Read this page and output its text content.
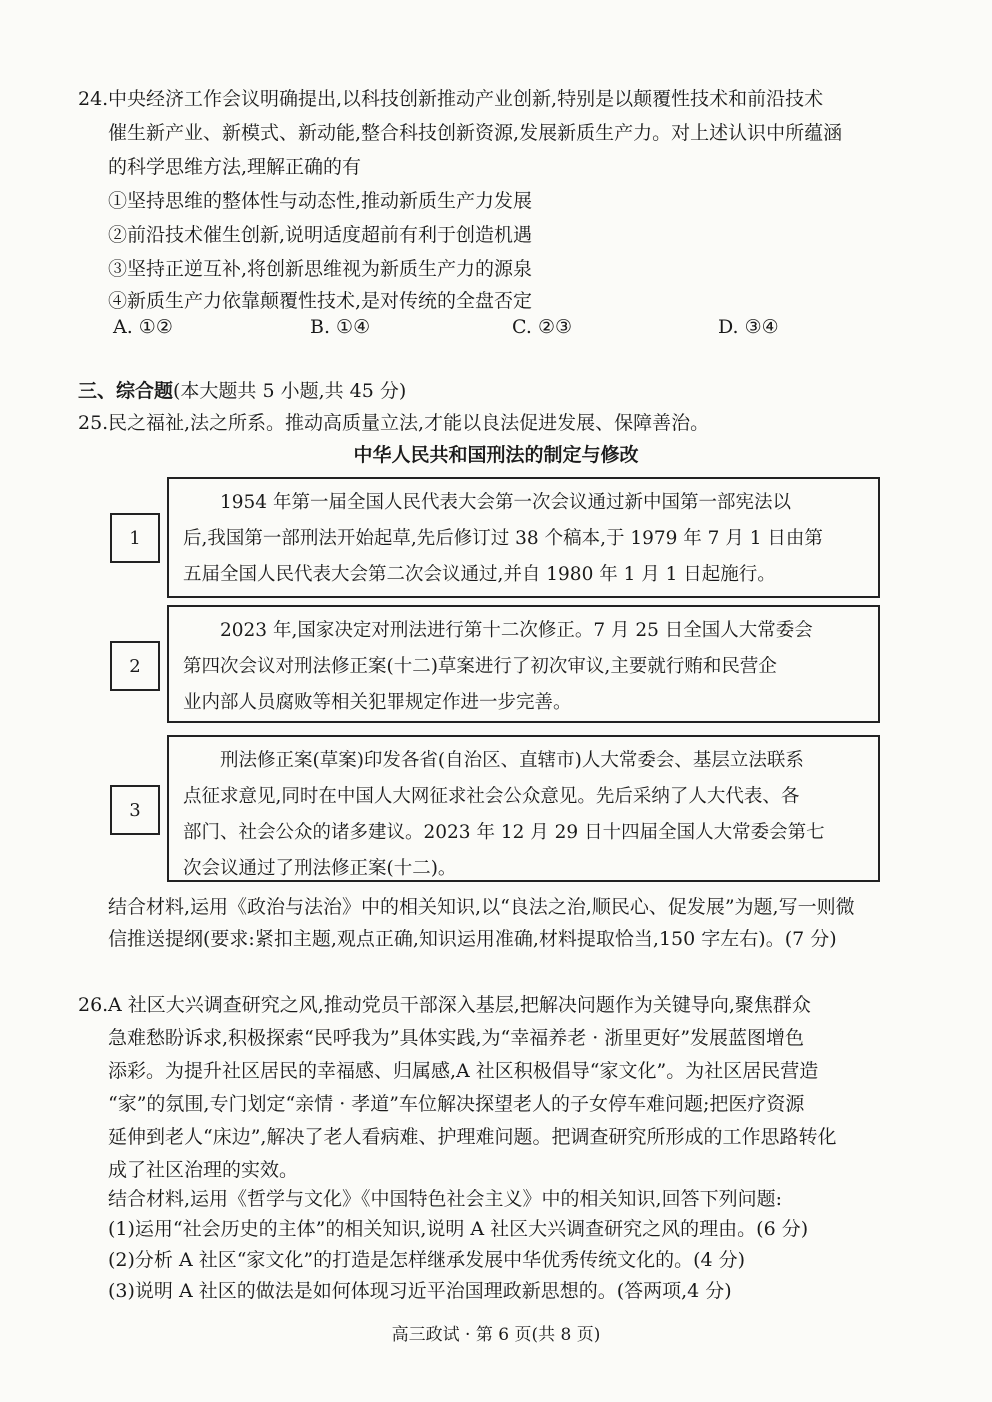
24. 中央经济工作会议明确提出,以科技创新推动产业创新,特别是以颠覆性技术和前沿技术
催生新产业、新模式、新动能,整合科技创新资源,发展新质生产力。对上述认识中所蕴涵
的科学思维方法,理解正确的有
①坚持思维的整体性与动态性,推动新质生产力发展
②前沿技术催生创新,说明适度超前有利于创造机遇
③坚持正逆互补,将创新思维视为新质生产力的源泉
④新质生产力依靠颠覆性技术,是对传统的全盘否定
A. ①②	B. ①④	C. ②③	D. ③④
三、综合题(本大题共 5 小题,共 45 分)
25. 民之福祉,法之所系。推动高质量立法,才能以良法促进发展、保障善治。
中华人民共和国刑法的制定与修改
1
1954 年第一届全国人民代表大会第一次会议通过新中国第一部宪法以
后,我国第一部刑法开始起草,先后修订过 38 个稿本,于 1979 年 7 月 1 日由第
五届全国人民代表大会第二次会议通过,并自 1980 年 1 月 1 日起施行。
2
2023 年,国家决定对刑法进行第十二次修正。7 月 25 日全国人大常委会
第四次会议对刑法修正案(十二)草案进行了初次审议,主要就行贿和民营企
业内部人员腐败等相关犯罪规定作进一步完善。
3
刑法修正案(草案)印发各省(自治区、直辖市)人大常委会、基层立法联系
点征求意见,同时在中国人大网征求社会公众意见。先后采纳了人大代表、各
部门、社会公众的诸多建议。2023 年 12 月 29 日十四届全国人大常委会第七
次会议通过了刑法修正案(十二)。
结合材料,运用《政治与法治》中的相关知识,以“良法之治,顺民心、促发展”为题,写一则微
信推送提纲(要求:紧扣主题,观点正确,知识运用准确,材料提取恰当,150 字左右)。(7 分)
26. A 社区大兴调查研究之风,推动党员干部深入基层,把解决问题作为关键导向,聚焦群众
急难愁盼诉求,积极探索“民呼我为”具体实践,为“幸福养老 · 浙里更好”发展蓝图增色
添彩。为提升社区居民的幸福感、归属感,A 社区积极倡导“家文化”。为社区居民营造
“家”的氛围,专门划定“亲情 · 孝道”车位解决探望老人的子女停车难问题;把医疗资源
延伸到老人“床边”,解决了老人看病难、护理难问题。把调查研究所形成的工作思路转化
成了社区治理的实效。
结合材料,运用《哲学与文化》《中国特色社会主义》中的相关知识,回答下列问题:
(1)运用“社会历史的主体”的相关知识,说明 A 社区大兴调查研究之风的理由。(6 分)
(2)分析 A 社区“家文化”的打造是怎样继承发展中华优秀传统文化的。(4 分)
(3)说明 A 社区的做法是如何体现习近平治国理政新思想的。(答两项,4 分)
高三政试 · 第 6 页(共 8 页)
